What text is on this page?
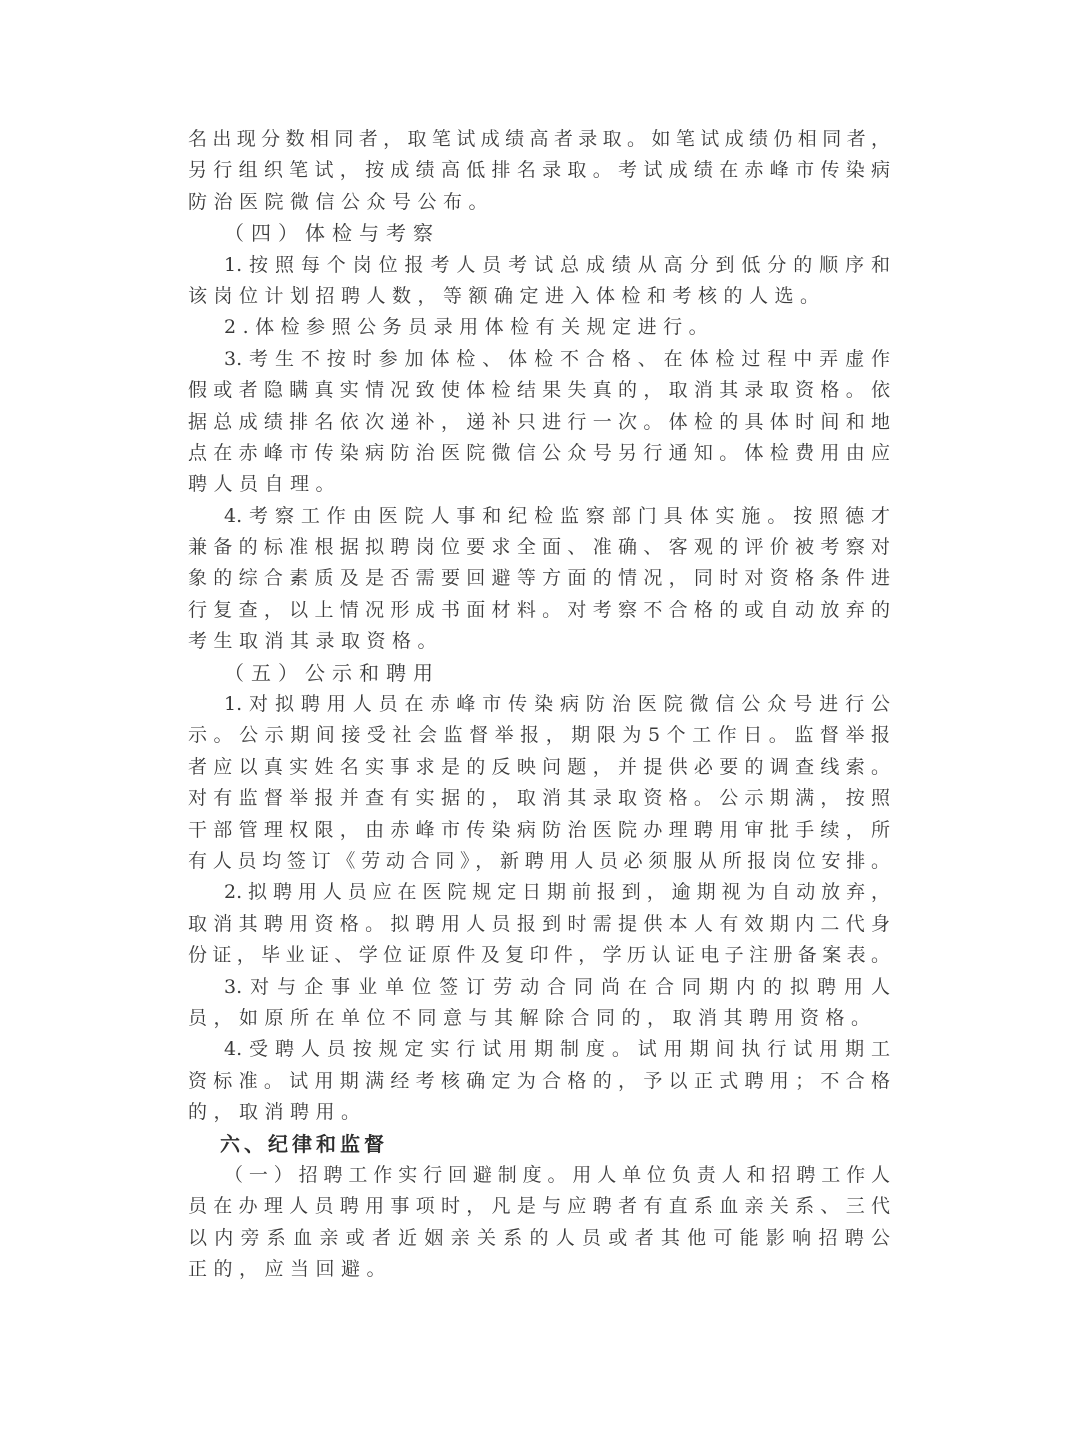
名出现分数相同者，取笔试成绩高者录取。如笔试成绩仍相同者，
另行组织笔试，按成绩高低排名录取。考试成绩在赤峰市传染病
防治医院微信公众号公布。
（四）体检与考察
1.按照每个岗位报考人员考试总成绩从高分到低分的顺序和
该岗位计划招聘人数，等额确定进入体检和考核的人选。
2.体检参照公务员录用体检有关规定进行。
3.考生不按时参加体检、体检不合格、在体检过程中弄虚作
假或者隐瞒真实情况致使体检结果失真的，取消其录取资格。依
据总成绩排名依次递补，递补只进行一次。体检的具体时间和地
点在赤峰市传染病防治医院微信公众号另行通知。体检费用由应
聘人员自理。
4.考察工作由医院人事和纪检监察部门具体实施。按照德才
兼备的标准根据拟聘岗位要求全面、准确、客观的评价被考察对
象的综合素质及是否需要回避等方面的情况，同时对资格条件进
行复查，以上情况形成书面材料。对考察不合格的或自动放弃的
考生取消其录取资格。
（五）公示和聘用
1.对拟聘用人员在赤峰市传染病防治医院微信公众号进行公
示。公示期间接受社会监督举报，期限为5个工作日。监督举报
者应以真实姓名实事求是的反映问题，并提供必要的调查线索。
对有监督举报并查有实据的，取消其录取资格。公示期满，按照
干部管理权限，由赤峰市传染病防治医院办理聘用审批手续，所
有人员均签订《劳动合同》，新聘用人员必须服从所报岗位安排。
2.拟聘用人员应在医院规定日期前报到，逾期视为自动放弃，
取消其聘用资格。拟聘用人员报到时需提供本人有效期内二代身
份证，毕业证、学位证原件及复印件，学历认证电子注册备案表。
3.对与企事业单位签订劳动合同尚在合同期内的拟聘用人
员，如原所在单位不同意与其解除合同的，取消其聘用资格。
4.受聘人员按规定实行试用期制度。试用期间执行试用期工
资标准。试用期满经考核确定为合格的，予以正式聘用；不合格
的，取消聘用。
六、纪律和监督
（一）招聘工作实行回避制度。用人单位负责人和招聘工作人
员在办理人员聘用事项时，凡是与应聘者有直系血亲关系、三代
以内旁系血亲或者近姻亲关系的人员或者其他可能影响招聘公
正的，应当回避。
